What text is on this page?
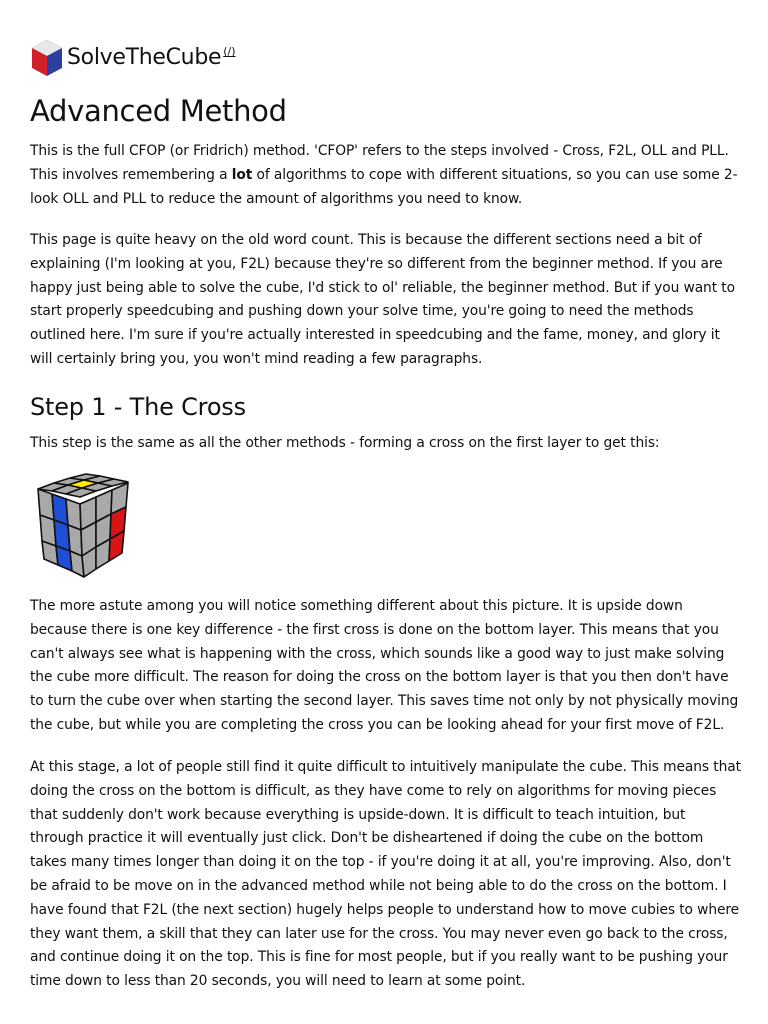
SolveTheCube (/)
Advanced Method

This is the full CFOP (or Fridrich) method. 'CFOP' refers to the steps involved - Cross, F2L, OLL and PLL. This involves remembering a lot of algorithms to cope with different situations, so you can use some 2-look OLL and PLL to reduce the amount of algorithms you need to know.

This page is quite heavy on the old word count. This is because the different sections need a bit of explaining (I'm looking at you, F2L) because they're so different from the beginner method. If you are happy just being able to solve the cube, I'd stick to ol' reliable, the beginner method. But if you want to start properly speedcubing and pushing down your solve time, you're going to need the methods outlined here. I'm sure if you're actually interested in speedcubing and the fame, money, and glory it will certainly bring you, you won't mind reading a few paragraphs.

Step 1 - The Cross

This step is the same as all the other methods - forming a cross on the first layer to get this:

The more astute among you will notice something different about this picture. It is upside down because there is one key difference - the first cross is done on the bottom layer. This means that you can't always see what is happening with the cross, which sounds like a good way to just make solving the cube more difficult. The reason for doing the cross on the bottom layer is that you then don't have to turn the cube over when starting the second layer. This saves time not only by not physically moving the cube, but while you are completing the cross you can be looking ahead for your first move of F2L.

At this stage, a lot of people still find it quite difficult to intuitively manipulate the cube. This means that doing the cross on the bottom is difficult, as they have come to rely on algorithms for moving pieces that suddenly don't work because everything is upside-down. It is difficult to teach intuition, but through practice it will eventually just click. Don't be disheartened if doing the cube on the bottom takes many times longer than doing it on the top - if you're doing it at all, you're improving. Also, don't be afraid to be move on in the advanced method while not being able to do the cross on the bottom. I have found that F2L (the next section) hugely helps people to understand how to move cubies to where they want them, a skill that they can later use for the cross. You may never even go back to the cross, and continue doing it on the top. This is fine for most people, but if you really want to be pushing your time down to less than 20 seconds, you will need to learn at some point.
